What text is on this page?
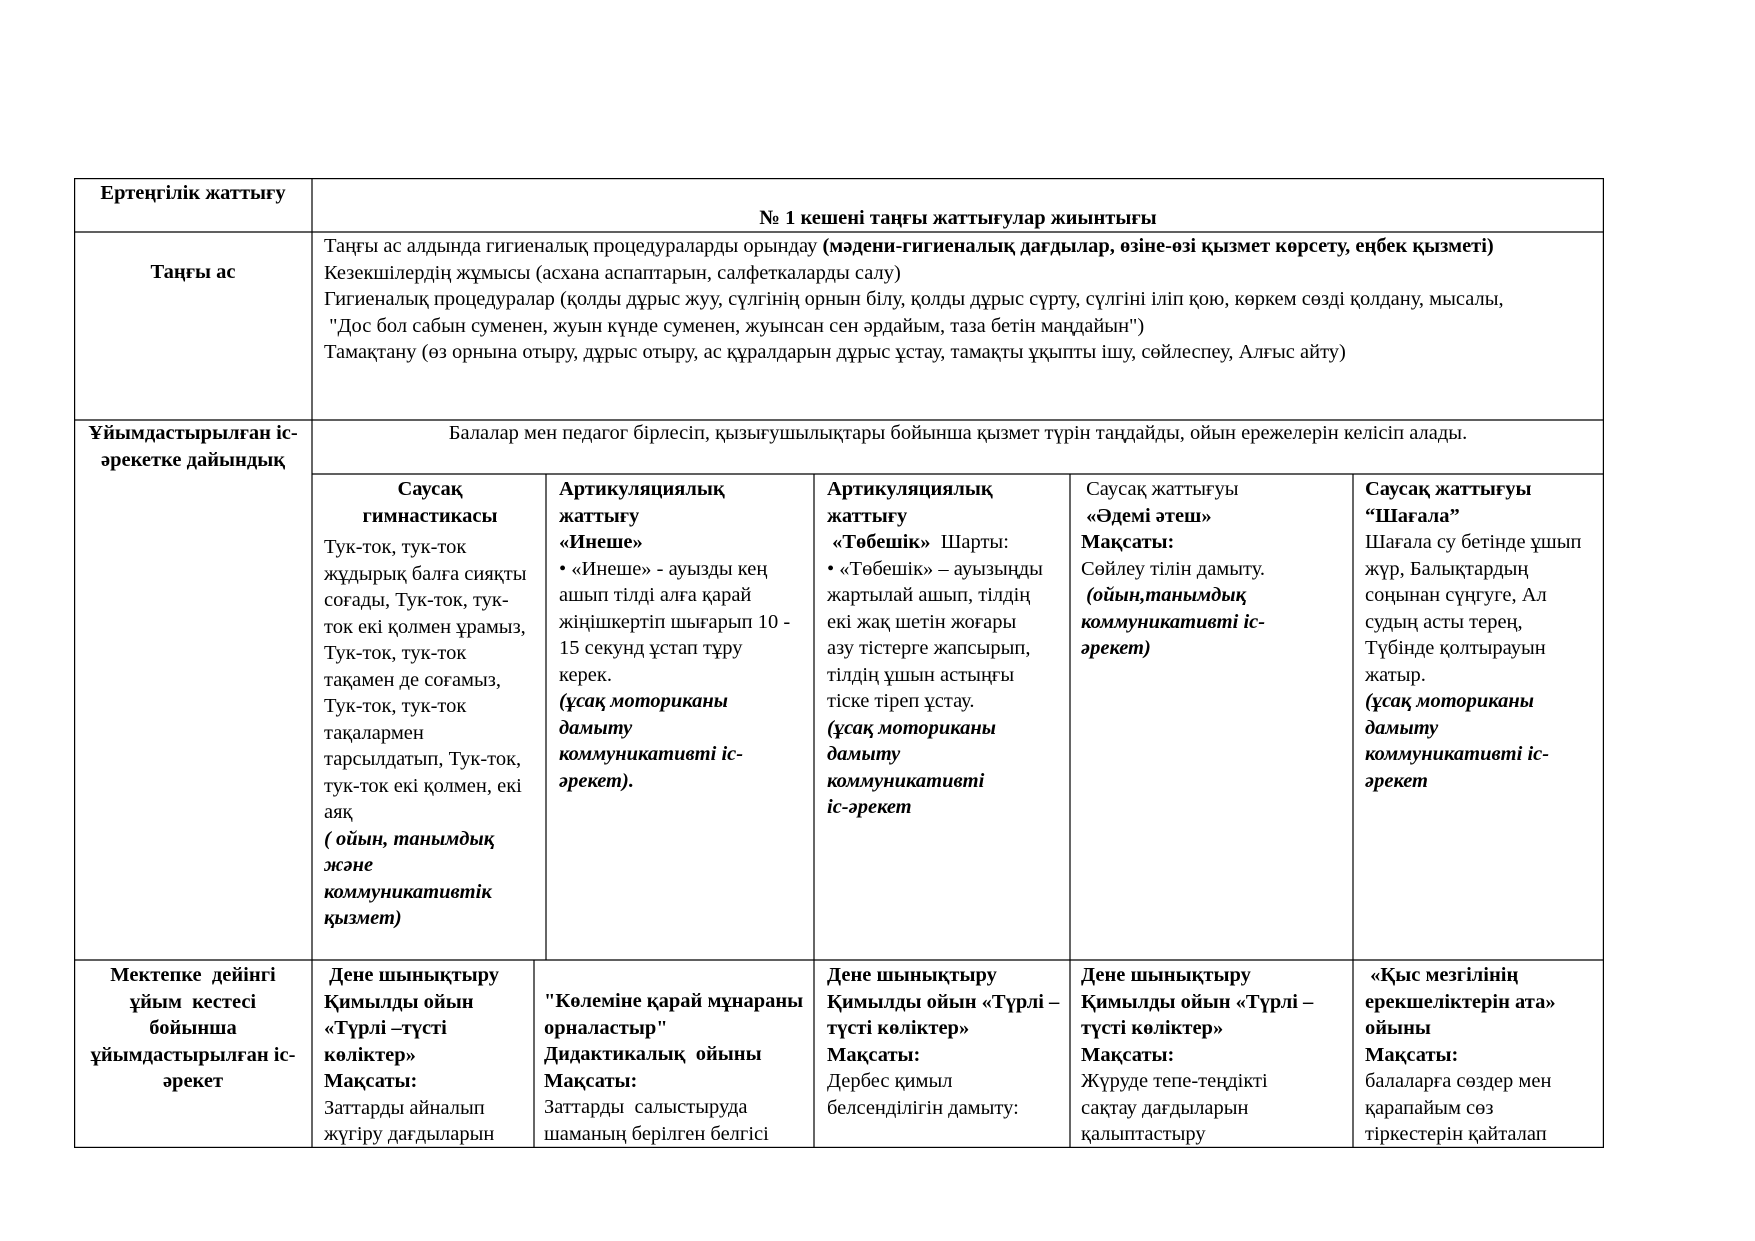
Ертеңгілік жаттығу
№ 1 кешені таңғы жаттығулар жиынтығы
Таңғы ас
Таңғы ас алдында гигиеналық процедураларды орындау (мәдени-гигиеналық дағдылар, өзіне-өзі қызмет көрсету, еңбек қызметі)
Кезекшілердің жұмысы (асхана аспаптарын, салфеткаларды салу)
Гигиеналық процедуралар (қолды дұрыс жуу, сүлгінің орнын білу, қолды дұрыс сүрту, сүлгіні іліп қою, көркем сөзді қолдану, мысалы,
"Дос бол сабын суменен, жуын күнде суменен, жуынсан сен әрдайым, таза бетін маңдайын")
Тамақтану (өз орнына отыру, дұрыс отыру, ас құралдарын дұрыс ұстау, тамақты ұқыпты ішу, сөйлеспеу, Алғыс айту)
Ұйымдастырылған іс-әрекетке дайындық
Балалар мен педагог бірлесіп, қызығушылықтары бойынша қызмет түрін таңдайды, ойын ережелерін келісіп алады.
Саусақ гимнастикасы
Тук-ток, тук-ток жұдырық балға сияқты соғады, Тук-ток, тук-ток екі қолмен ұрамыз, Тук-ток, тук-ток тақамен де соғамыз, Тук-ток, тук-ток тақалармен тарсылдатып, Тук-ток, тук-ток екі қолмен, екі аяқ
( ойын, танымдық және коммуникативтік қызмет)
Артикуляциялық жаттығу
«Инеше»
• «Инеше» - ауызды кең ашып тілді алға қарай жіңішкертіп шығарып 10 - 15 секунд ұстап тұру керек.
(ұсақ моториканы дамыту коммуникативті іс-әрекет).
Артикуляциялық жаттығу
«Төбешік»  Шарты:
• «Төбешік» – ауызыңды жартылай ашып, тілдің екі жақ шетін жоғары азу тістерге жапсырып, тілдің ұшын астыңғы тіске тіреп ұстау.
(ұсақ моториканы дамыту коммуникативті іс-әрекет
Саусақ жаттығуы
«Әдемі әтеш»
Мақсаты:
Сөйлеу тілін дамыту.
(ойын,танымдық коммуникативті іс-әрекет)
Саусақ жаттығуы “Шағала”
Шағала су бетінде ұшып жүр, Балықтардың соңынан сүңгуге, Ал судың асты терең, Түбінде қолтырауын жатыр.
(ұсақ моториканы дамыту коммуникативті іс-әрекет
Мектепке  дейінгі ұйым  кестесі бойынша ұйымдастырылған іс-әрекет
Дене шынықтыру Қимылды ойын «Түрлі –түсті көліктер»
Мақсаты:
Заттарды айналып жүгіру дағдыларын
"Көлеміне қарай мұнараны орналастыр" Дидактикалық  ойыны
Мақсаты:
Заттарды  салыстыруда шаманың берілген белгісі
Дене шынықтыру Қимылды ойын «Түрлі –түсті көліктер»
Мақсаты:
Дербес қимыл белсенділігін дамыту:
Дене шынықтыру Қимылды ойын «Түрлі –түсті көліктер»
Мақсаты:
Жүруде тепе-теңдікті сақтау дағдыларын қалыптастыру
«Қыс мезгілінің ерекшеліктерін ата» ойыны
Мақсаты:
балаларға сөздер мен қарапайым сөз тіркестерін қайталап
